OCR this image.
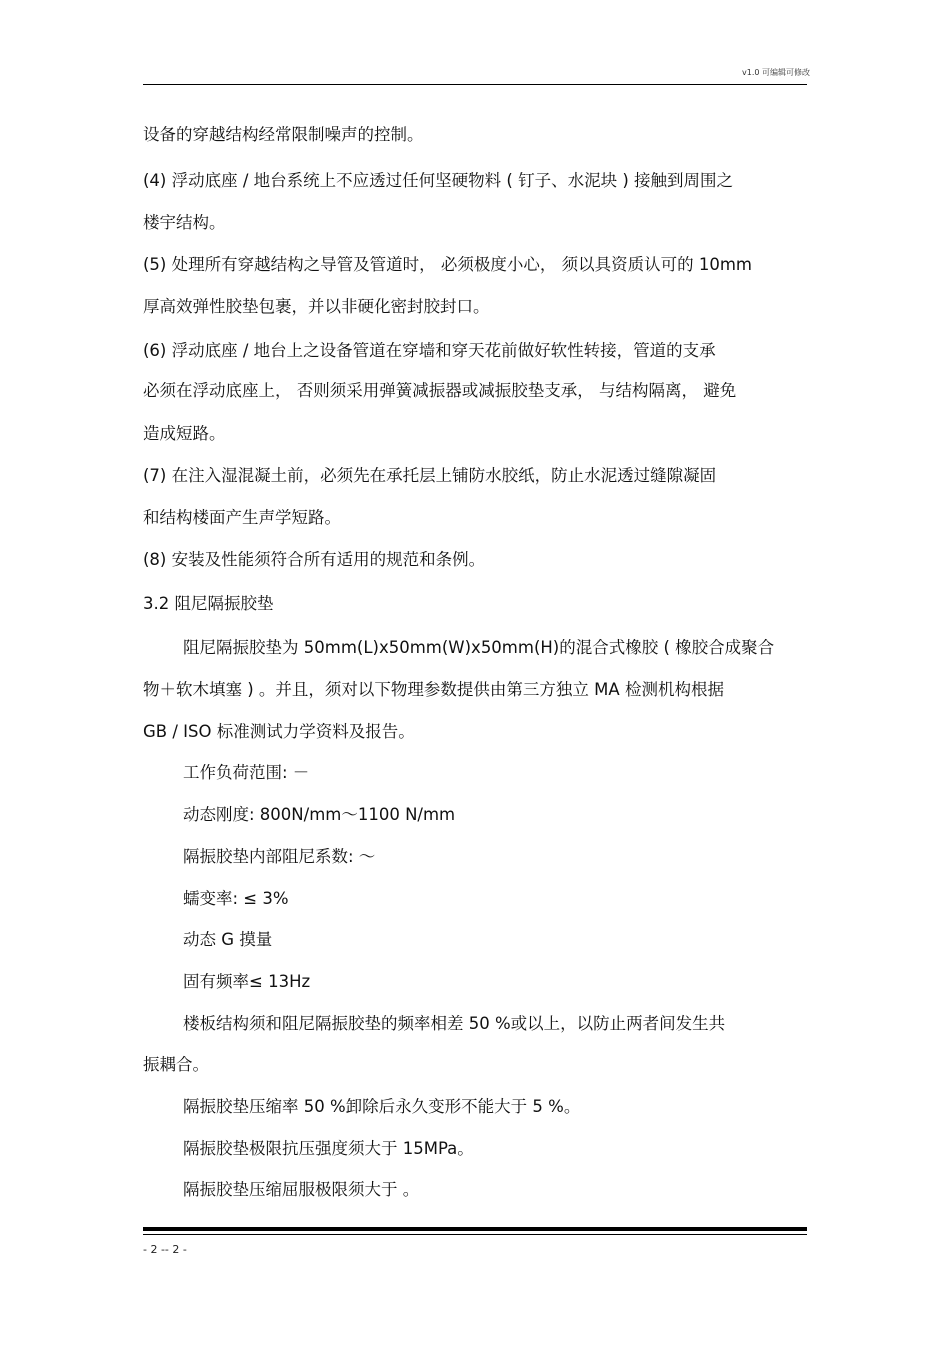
v1.0 可编辑可修改
设备的穿越结构经常限制噪声的控制。
(4) 浮动底座 / 地台系统上不应透过任何坚硬物料 ( 钉子、水泥块 ) 接触到周围之
楼宇结构。
(5) 处理所有穿越结构之导管及管道时， 必须极度小心， 须以具资质认可的 10mm
厚高效弹性胶垫包裹，并以非硬化密封胶封口。
(6) 浮动底座 / 地台上之设备管道在穿墙和穿天花前做好软性转接，管道的支承
必须在浮动底座上， 否则须采用弹簧减振器或减振胶垫支承， 与结构隔离， 避免
造成短路。
(7) 在注入湿混凝土前，必须先在承托层上铺防水胶纸，防止水泥透过缝隙凝固
和结构楼面产生声学短路。
(8) 安装及性能须符合所有适用的规范和条例。
3.2 阻尼隔振胶垫
阻尼隔振胶垫为 50mm(L)x50mm(W)x50mm(H)的混合式橡胶 ( 橡胶合成聚合
物＋软木填塞 ) 。并且，须对以下物理参数提供由第三方独立 MA 检测机构根据
GB / ISO 标准测试力学资料及报告。
工作负荷范围: －
动态刚度: 800N/mm～1100 N/mm
隔振胶垫内部阻尼系数: ～
蠕变率: ≤ 3%
动态 G 摸量
固有频率≤ 13Hz
楼板结构须和阻尼隔振胶垫的频率相差 50 %或以上，以防止两者间发生共
振耦合。
隔振胶垫压缩率 50 %卸除后永久变形不能大于 5 %。
隔振胶垫极限抗压强度须大于 15MPa。
隔振胶垫压缩屈服极限须大于 。
- 2 -- 2 -
